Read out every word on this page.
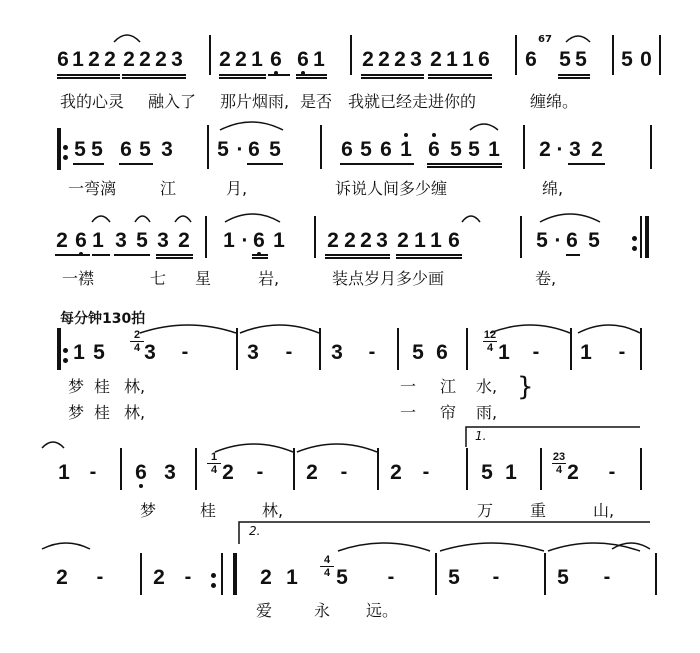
6 1 2 2 2 2 2 3 2 2 1 6 6 1 2 2 2 3 2 1 1 6 6 5 5 5 0
67
我的心灵 融入了 那片烟雨, 是否 我就已经走进你的	缠绵。
5 5 6 5 3 5 · 6 5	6 5 6 1 6 5 5 1 2 · 3 2
一弯漓	江	月,	诉说人间多少缠	绵,
2 6 1 3 5 3 2 1 · 6 1 2 2 2 3 2 1 1 6	5 · 6 5
一襟	七 星	岩,	装点岁月多少画	卷,
1 5 3 -	3 - 3 - 5 6 1 - 1 -
2
4
12
4
梦 桂 林,	一 江 水,
梦 桂 林,	一 帘 雨,
}
1 - 6 3 2 - 2 - 2 - 5 1 2 -
1
4
23
4
1.
梦	桂	林,	万 重	山,
2 - 2 -	2 1 5 -	5 -	5 -
4
4
2.
爱	永 远。
每分钟130拍
